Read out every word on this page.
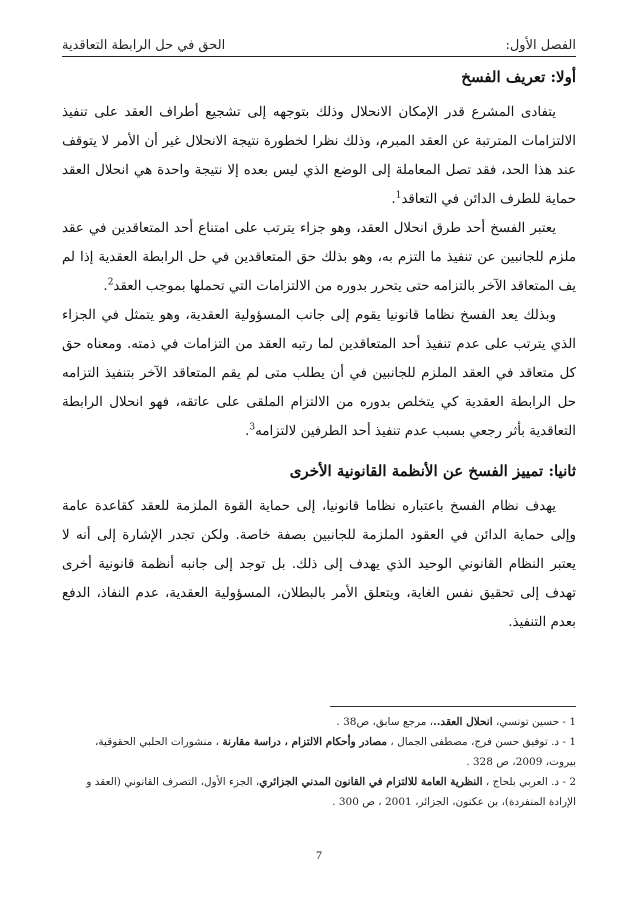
الفصل الأول:
الحق في حل الرابطة التعاقدية
أولا: تعريف الفسخ

يتفادى المشرع قدر الإمكان الانحلال وذلك بتوجهه إلى تشجيع أطراف العقد على تنفيذ الالتزامات المترتبة عن العقد المبرم، وذلك نظرا لخطورة نتيجة الانحلال غير أن الأمر لا يتوقف عند هذا الحد، فقد تصل المعاملة إلى الوضع الذي ليس بعده إلا نتيجة واحدة هي انحلال العقد حماية للطرف الدائن في التعاقد$^1$.

يعتبر الفسخ أحد طرق انحلال العقد، وهو جزاء يترتب على امتناع أحد المتعاقدين في عقد ملزم للجانبين عن تنفيذ ما التزم به، وهو بذلك حق المتعاقدين في حل الرابطة العقدية إذا لم يف المتعاقد الآخر بالتزامه حتى يتحرر بدوره من الالتزامات التي تحملها بموجب العقد$^2$.

وبذلك يعد الفسخ نظاما قانونيا يقوم إلى جانب المسؤولية العقدية، وهو يتمثل في الجزاء الذي يترتب على عدم تنفيذ أحد المتعاقدين لما رتبه العقد من التزامات في ذمته. ومعناه حق كل متعاقد في العقد الملزم للجانبين في أن يطلب متى لم يقم المتعاقد الآخر بتنفيذ التزامه حل الرابطة العقدية كي يتخلص بدوره من الالتزام الملقى على عاتقه، فهو انحلال الرابطة التعاقدية بأثر رجعي بسبب عدم تنفيذ أحد الطرفين لالتزامه$^3$.

ثانيا: تمييز الفسخ عن الأنظمة القانونية الأخرى

يهدف نظام الفسخ باعتباره نظاما قانونيا، إلى حماية القوة الملزمة للعقد كقاعدة عامة وإلى حماية الدائن في العقود الملزمة للجانبين بصفة خاصة. ولكن تجدر الإشارة إلى أنه لا يعتبر النظام القانوني الوحيد الذي يهدف إلى ذلك. بل توجد إلى جانبه أنظمة قانونية أخرى تهدف إلى تحقيق نفس الغاية، ويتعلق الأمر بالبطلان، المسؤولية العقدية، عدم النفاذ، الدفع بعدم التنفيذ.

1 - حسين تونسي، انحلال العقد..، مرجع سابق، ص38 .
1 - د. توفيق حسن فرج، مصطفى الجمال ، مصادر وأحكام الالتزام ، دراسة مقارنة ، منشورات الحلبي الحقوقية، بيروت، 2009، ص 328 .
2 - د. العربي بلحاج ، النظرية العامة للالتزام في القانون المدني الجزائري، الجزء الأول، التصرف القانوني (العقد و الإرادة المنفردة)، بن عكنون، الجزائر، 2001 ، ص 300 .
7
